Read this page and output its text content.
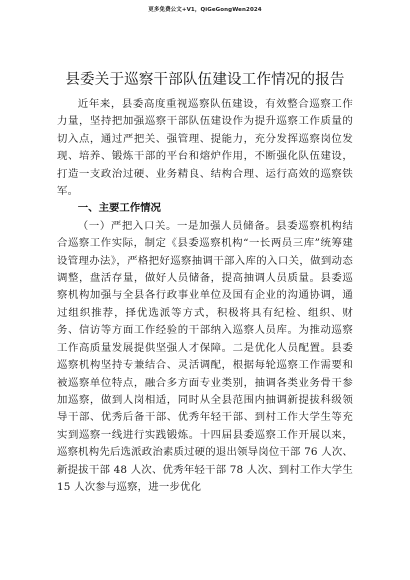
更多免费公文+V1，QiGeGongWen2024
县委关于巡察干部队伍建设工作情况的报告

近年来，县委高度重视巡察队伍建设，有效整合巡察工作力量，坚持把加强巡察干部队伍建设作为提升巡察工作质量的切入点，通过严把关、强管理、提能力，充分发挥巡察岗位发现、培养、锻炼干部的平台和熔炉作用，不断强化队伍建设，打造一支政治过硬、业务精良、结构合理、运行高效的巡察铁军。

一、主要工作情况

（一）严把入口关。一是加强人员储备。县委巡察机构结合巡察工作实际，制定《县委巡察机构“一长两员三库”统筹建设管理办法》，严格把好巡察抽调干部入库的入口关，做到动态调整，盘活存量，做好人员储备，提高抽调人员质量。县委巡察机构加强与全县各行政事业单位及国有企业的沟通协调，通过组织推荐，择优选派等方式，积极将具有纪检、组织、财务、信访等方面工作经验的干部纳入巡察人员库。为推动巡察工作高质量发展提供坚强人才保障。二是优化人员配置。县委巡察机构坚持专兼结合、灵活调配，根据每轮巡察工作需要和被巡察单位特点，融合多方面专业类别，抽调各类业务骨干参加巡察，做到人岗相适，同时从全县范围内抽调新提拔科级领导干部、优秀后备干部、优秀年轻干部、到村工作大学生等充实到巡察一线进行实践锻炼。十四届县委巡察工作开展以来，巡察机构先后选派政治素质过硬的退出领导岗位干部 76 人次、新提拔干部 48 人次、优秀年轻干部 78 人次、到村工作大学生 15 人次参与巡察，进一步优化
